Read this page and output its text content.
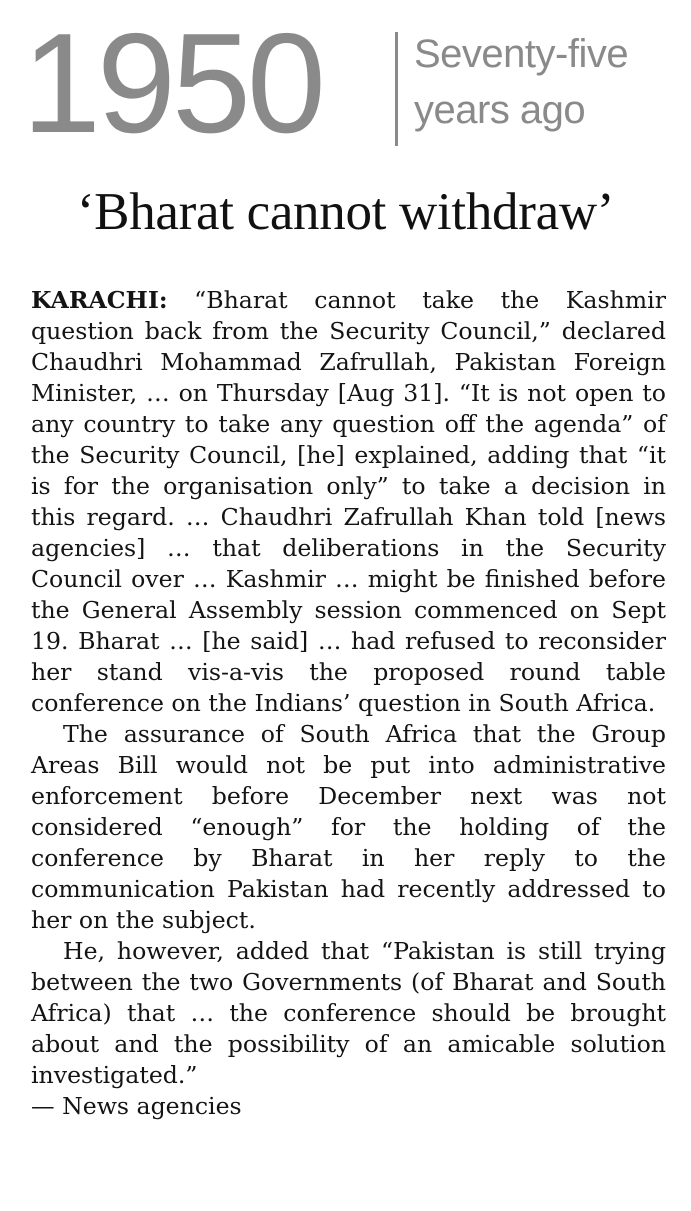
1950 Seventy-five
years ago
‘Bharat cannot withdraw’

KARACHI: “Bharat cannot take the Kashmir question back from the Security Council,” declared Chaudhri Mohammad Zafrullah, Pakistan Foreign Minister, … on Thursday [Aug 31]. “It is not open to any country to take any question off the agenda” of the Security Council, [he] explained, adding that “it is for the organisation only” to take a decision in this regard. … Chaudhri Zafrullah Khan told [news agencies] … that deliberations in the Security Council over … Kashmir … might be finished before the General Assembly session commenced on Sept 19. Bharat … [he said] … had refused to reconsider her stand vis-a-vis the proposed round table conference on the Indians’ question in South Africa.

The assurance of South Africa that the Group Areas Bill would not be put into administrative enforcement before December next was not considered “enough” for the holding of the conference by Bharat in her reply to the communication Pakistan had recently addressed to her on the subject.

He, however, added that “Pakistan is still trying between the two Governments (of Bharat and South Africa) that … the conference should be brought about and the possibility of an amicable solution investigated.”

— News agencies
